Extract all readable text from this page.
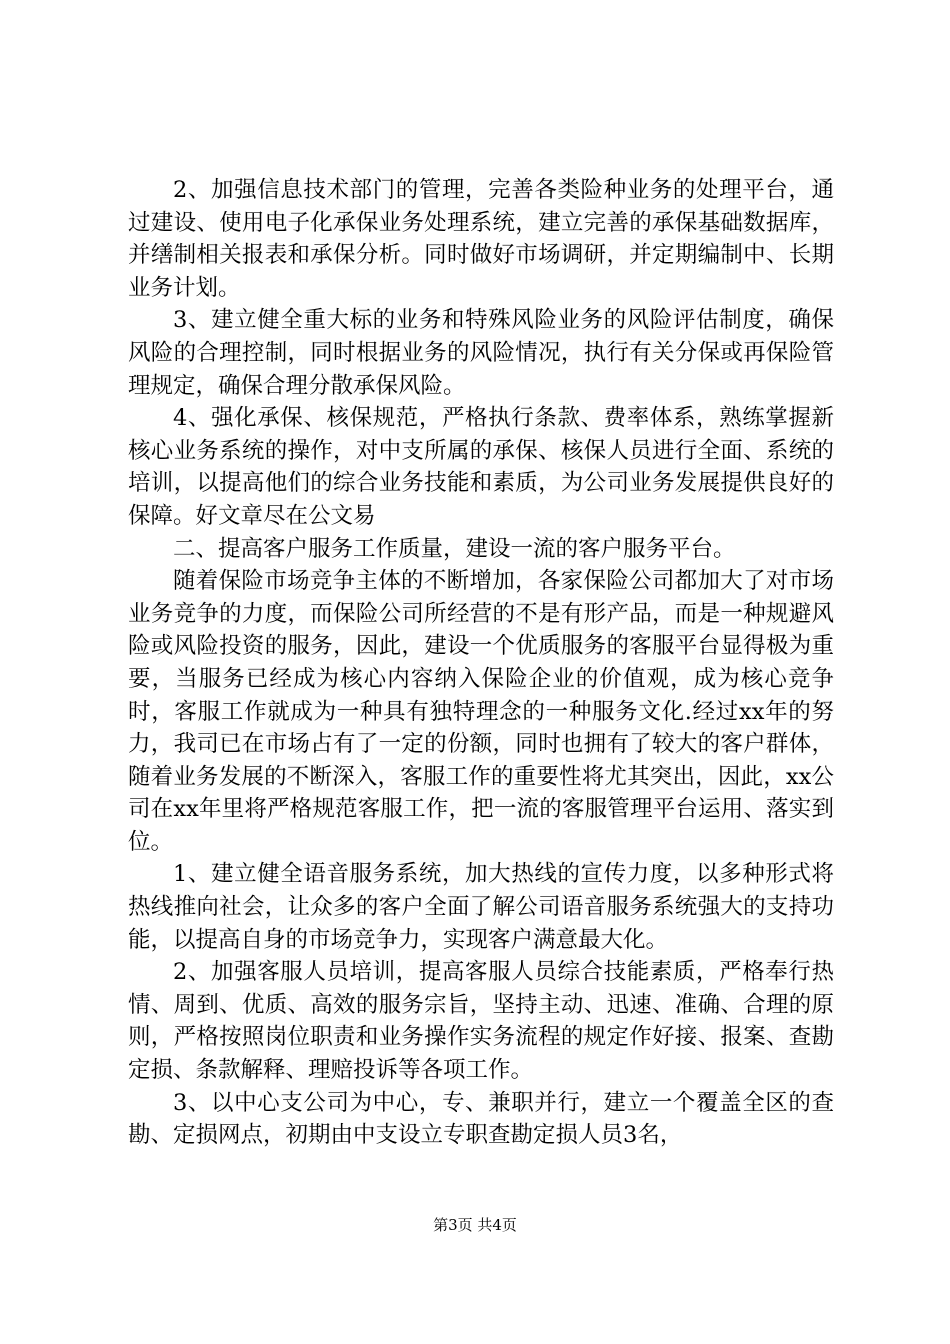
2、加强信息技术部门的管理，完善各类险种业务的处理平台，通过建设、使用电子化承保业务处理系统，建立完善的承保基础数据库，并缮制相关报表和承保分析。同时做好市场调研，并定期编制中、长期业务计划。

3、建立健全重大标的业务和特殊风险业务的风险评估制度，确保风险的合理控制，同时根据业务的风险情况，执行有关分保或再保险管理规定，确保合理分散承保风险。

4、强化承保、核保规范，严格执行条款、费率体系，熟练掌握新核心业务系统的操作，对中支所属的承保、核保人员进行全面、系统的培训，以提高他们的综合业务技能和素质，为公司业务发展提供良好的保障。好文章尽在公文易

二、提高客户服务工作质量，建设一流的客户服务平台。

随着保险市场竞争主体的不断增加，各家保险公司都加大了对市场业务竞争的力度，而保险公司所经营的不是有形产品，而是一种规避风险或风险投资的服务，因此，建设一个优质服务的客服平台显得极为重要，当服务已经成为核心内容纳入保险企业的价值观，成为核心竞争时，客服工作就成为一种具有独特理念的一种服务文化.经过xx年的努力，我司已在市场占有了一定的份额，同时也拥有了较大的客户群体，随着业务发展的不断深入，客服工作的重要性将尤其突出，因此，xx公司在xx年里将严格规范客服工作，把一流的客服管理平台运用、落实到位。

1、建立健全语音服务系统，加大热线的宣传力度，以多种形式将热线推向社会，让众多的客户全面了解公司语音服务系统强大的支持功能，以提高自身的市场竞争力，实现客户满意最大化。

2、加强客服人员培训，提高客服人员综合技能素质，严格奉行热情、周到、优质、高效的服务宗旨，坚持主动、迅速、准确、合理的原则，严格按照岗位职责和业务操作实务流程的规定作好接、报案、查勘定损、条款解释、理赔投诉等各项工作。

3、以中心支公司为中心，专、兼职并行，建立一个覆盖全区的查勘、定损网点，初期由中支设立专职查勘定损人员3名，

第3页 共4页
